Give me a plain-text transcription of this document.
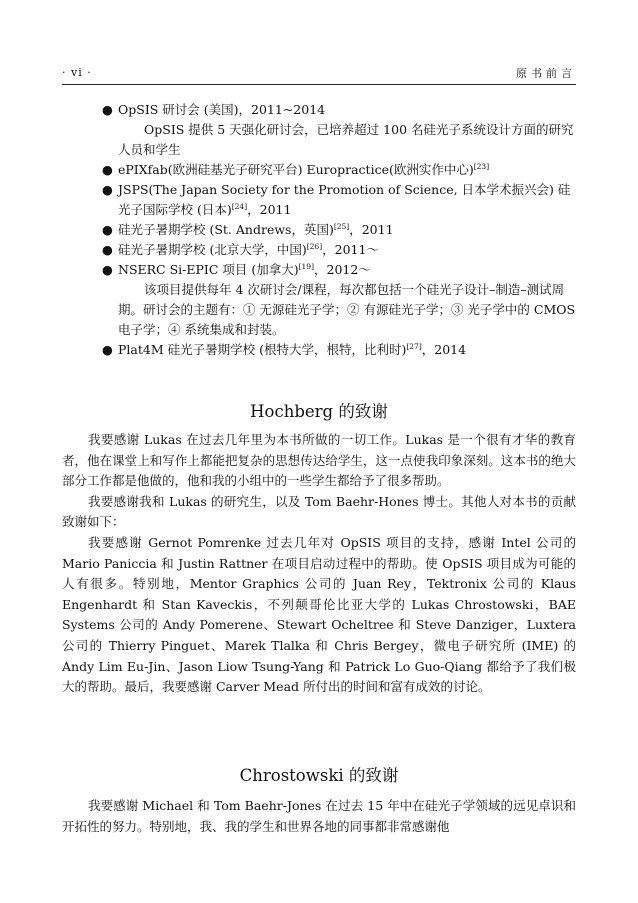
· vi ·	原书前言
● OpSIS 研讨会 (美国)，2011~2014
OpSIS 提供 5 天强化研讨会，已培养超过 100 名硅光子系统设计方面的研究人员和学生
● ePIXfab(欧洲硅基光子研究平台) Europractice(欧洲实作中心)[23]
● JSPS(The Japan Society for the Promotion of Science, 日本学术振兴会) 硅光子国际学校 (日本)[24]，2011
● 硅光子暑期学校 (St. Andrews，英国)[25]，2011
● 硅光子暑期学校 (北京大学，中国)[26]，2011～
● NSERC Si-EPIC 项目 (加拿大)[19]，2012～
该项目提供每年 4 次研讨会/课程，每次都包括一个硅光子设计–制造–测试周期。研讨会的主题有：① 无源硅光子学；② 有源硅光子学；③ 光子学中的 CMOS 电子学；④ 系统集成和封装。
● Plat4M 硅光子暑期学校 (根特大学，根特，比利时)[27]，2014
Hochberg 的致谢

我要感谢 Lukas 在过去几年里为本书所做的一切工作。Lukas 是一个很有才华的教育者，他在课堂上和写作上都能把复杂的思想传达给学生，这一点使我印象深刻。这本书的绝大部分工作都是他做的，他和我的小组中的一些学生都给予了很多帮助。

我要感谢我和 Lukas 的研究生，以及 Tom Baehr-Hones 博士。其他人对本书的贡献致谢如下：

我要感谢 Gernot Pomrenke 过去几年对 OpSIS 项目的支持，感谢 Intel 公司的 Mario Paniccia 和 Justin Rattner 在项目启动过程中的帮助。使 OpSIS 项目成为可能的人有很多。特别地，Mentor Graphics 公司的 Juan Rey，Tektronix 公司的 Klaus Engenhardt 和 Stan Kaveckis，不列颠哥伦比亚大学的 Lukas Chrostowski，BAE Systems 公司的 Andy Pomerene、Stewart Ocheltree 和 Steve Danziger，Luxtera 公司的 Thierry Pinguet、Marek Tlalka 和 Chris Bergey，微电子研究所 (IME) 的 Andy Lim Eu-Jin、Jason Liow Tsung-Yang 和 Patrick Lo Guo-Qiang 都给予了我们极大的帮助。最后，我要感谢 Carver Mead 所付出的时间和富有成效的讨论。

Chrostowski 的致谢

我要感谢 Michael 和 Tom Baehr-Jones 在过去 15 年中在硅光子学领域的远见卓识和开拓性的努力。特别地，我、我的学生和世界各地的同事都非常感谢他
